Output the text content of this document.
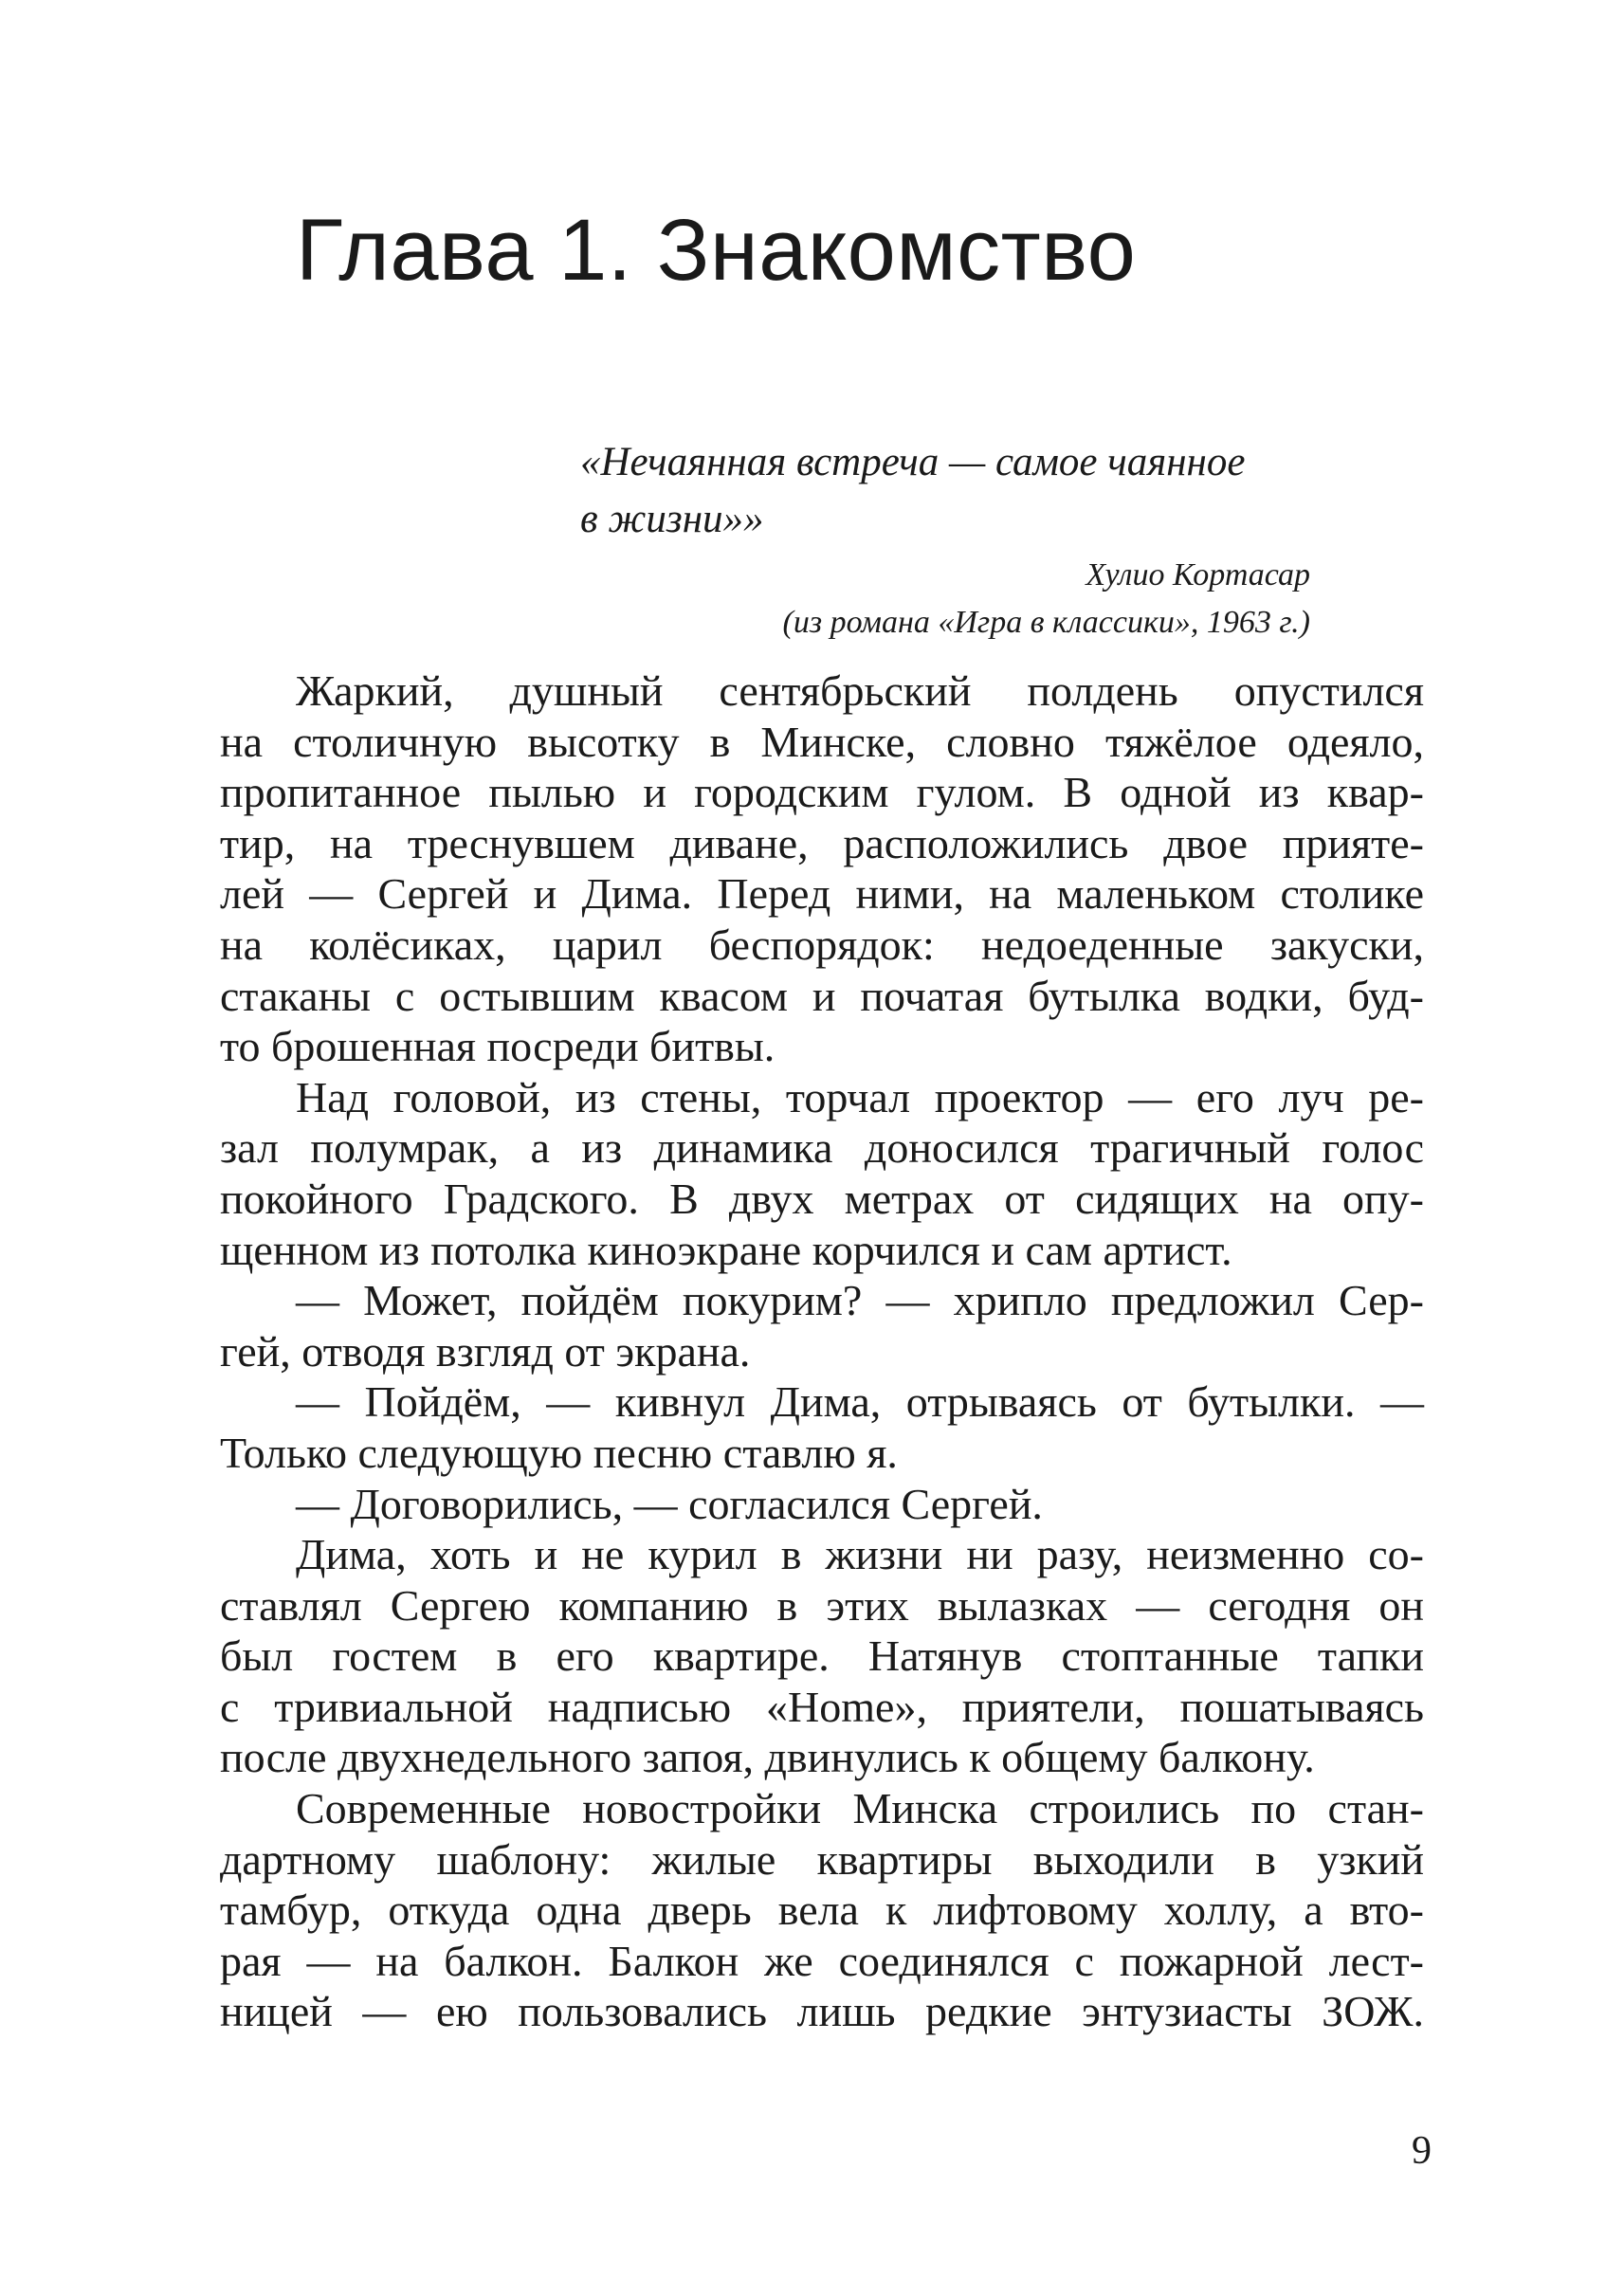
Глава 1. Знакомство

«Нечаянная встреча — самое чаянное
в жизни»»

Хулио Кортасар

(из романа «Игра в классики», 1963 г.)

Жаркий, душный сентябрьский полдень опустился
на столичную высотку в Минске, словно тяжёлое одеяло,
пропитанное пылью и городским гулом. В одной из квар-
тир, на треснувшем диване, расположились двое прияте-
лей — Сергей и Дима. Перед ними, на маленьком столике
на колёсиках, царил беспорядок: недоеденные закуски,
стаканы с остывшим квасом и початая бутылка водки, буд-
то брошенная посреди битвы.
Над головой, из стены, торчал проектор — его луч ре-
зал полумрак, а из динамика доносился трагичный голос
покойного Градского. В двух метрах от сидящих на опу-
щенном из потолка киноэкране корчился и сам артист.
— Может, пойдём покурим? — хрипло предложил Сер-
гей, отводя взгляд от экрана.
— Пойдём, — кивнул Дима, отрываясь от бутылки. —
Только следующую песню ставлю я.
— Договорились, — согласился Сергей.
Дима, хоть и не курил в жизни ни разу, неизменно со-
ставлял Сергею компанию в этих вылазках — сегодня он
был гостем в его квартире. Натянув стоптанные тапки
с тривиальной надписью «Home», приятели, пошатываясь
после двухнедельного запоя, двинулись к общему балкону.
Современные новостройки Минска строились по стан-
дартному шаблону: жилые квартиры выходили в узкий
тамбур, откуда одна дверь вела к лифтовому холлу, а вто-
рая — на балкон. Балкон же соединялся с пожарной лест-
ницей — ею пользовались лишь редкие энтузиасты ЗОЖ.
9
